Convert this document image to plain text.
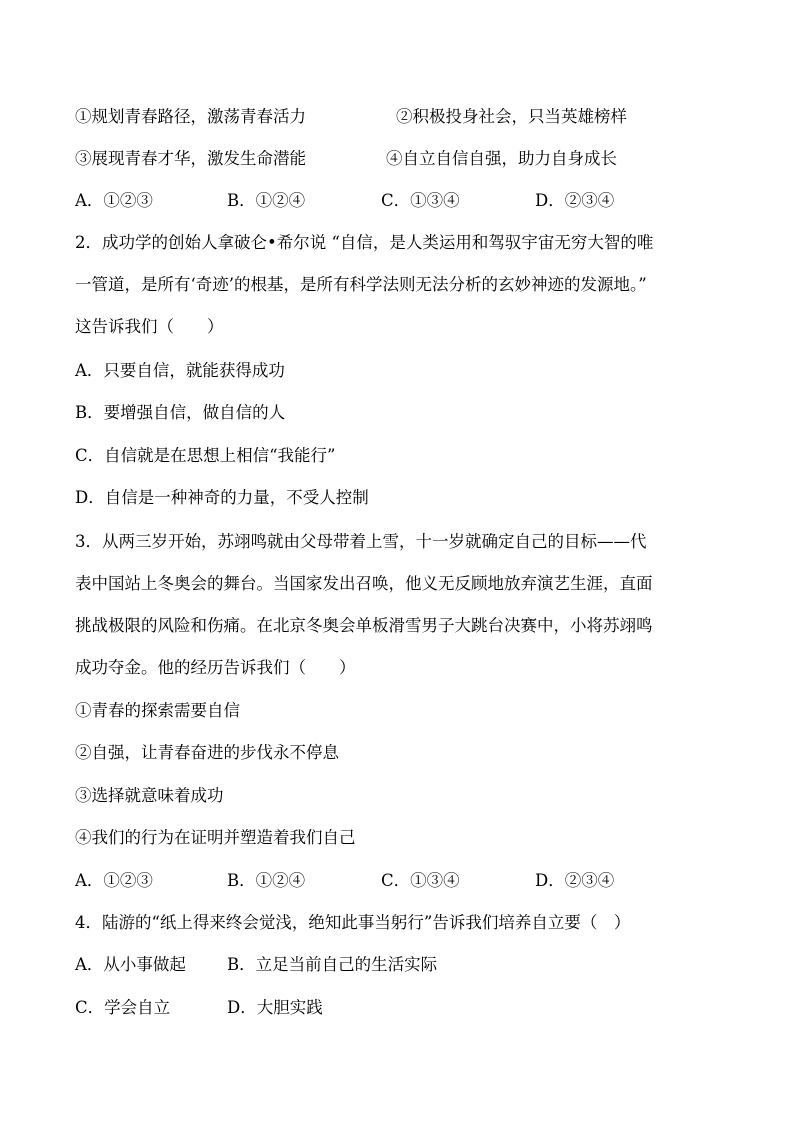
①规划青春路径，激荡青春活力	②积极投身社会，只当英雄榜样
③展现青春才华，激发生命潜能	④自立自信自强，助力自身成长
A．①②③	B．①②④	C．①③④	D．②③④
2．成功学的创始人拿破仑•希尔说 “自信，是人类运用和驾驭宇宙无穷大智的唯
一管道，是所有‘奇迹’的根基，是所有科学法则无法分析的玄妙神迹的发源地。”
这告诉我们（　　）
A．只要自信，就能获得成功
B．要增强自信，做自信的人
C．自信就是在思想上相信“我能行”
D．自信是一种神奇的力量，不受人控制
3．从两三岁开始，苏翊鸣就由父母带着上雪，十一岁就确定自己的目标——代
表中国站上冬奥会的舞台。当国家发出召唤，他义无反顾地放弃演艺生涯，直面
挑战极限的风险和伤痛。在北京冬奥会单板滑雪男子大跳台决赛中，小将苏翊鸣
成功夺金。他的经历告诉我们（　　）
①青春的探索需要自信
②自强，让青春奋进的步伐永不停息
③选择就意味着成功
④我们的行为在证明并塑造着我们自己
A．①②③	B．①②④	C．①③④	D．②③④
4．陆游的“纸上得来终会觉浅，绝知此事当躬行”告诉我们培养自立要（　）
A．从小事做起 B．立足当前自己的生活实际
C．学会自立	D．大胆实践
